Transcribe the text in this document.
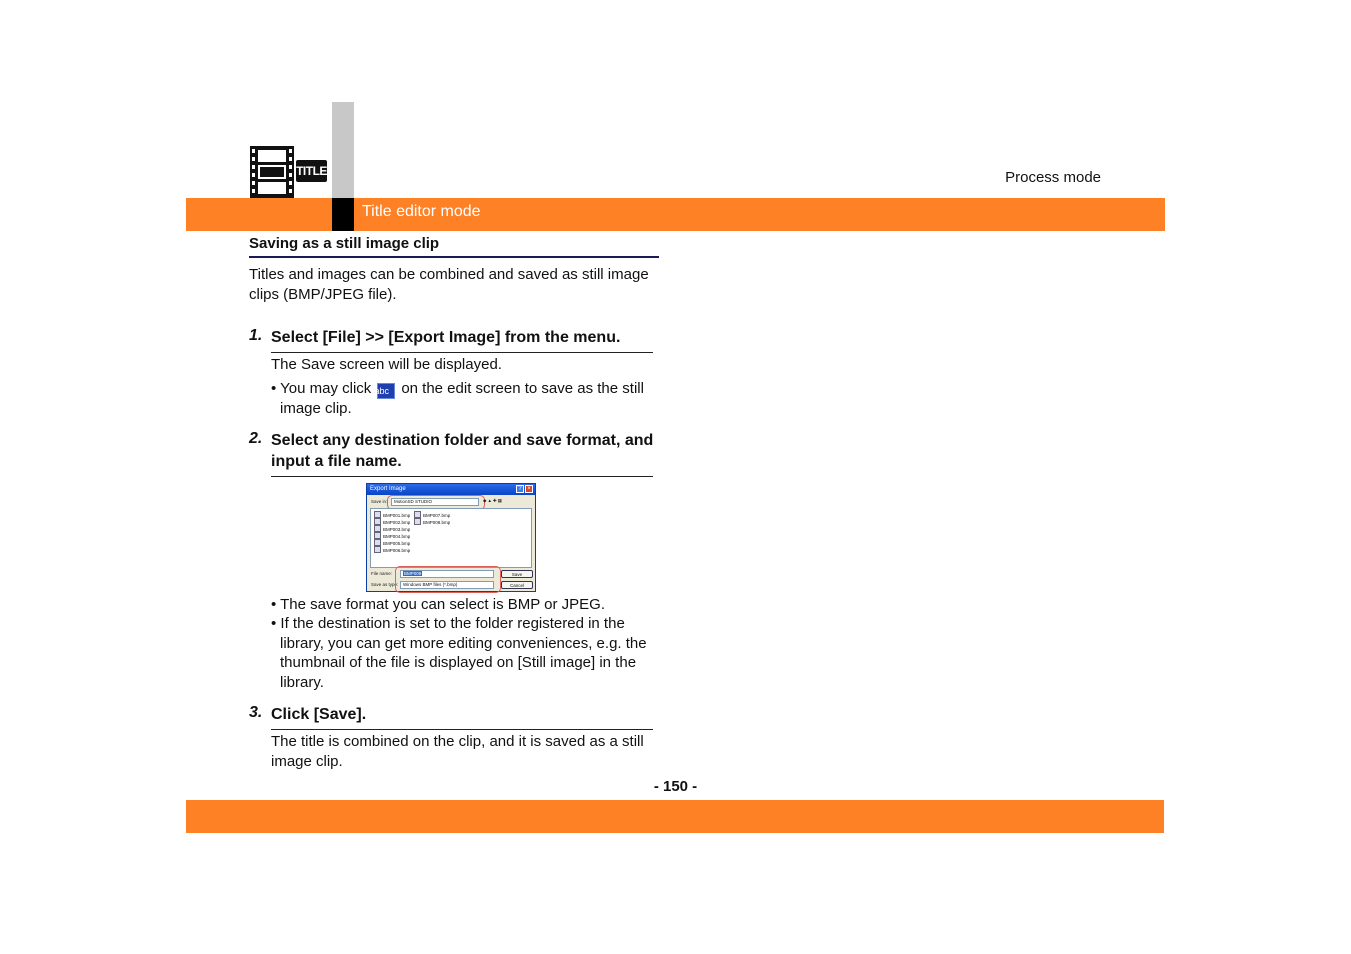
Title editor mode
Process mode
TITLE
Saving as a still image clip
Titles and images can be combined and saved as still image clips (BMP/JPEG file).
1. Select [File] >> [Export Image] from the menu.
The Save screen will be displayed.
• You may click abc on the edit screen to save as the still image clip.
2. Select any destination folder and save format, and input a file name.
Export Image	? ×
Save in:	MotionSD STUDIO	◆▲✚▦
BMP001.bmp
BMP002.bmp
BMP003.bmp
BMP004.bmp
BMP005.bmp
BMP006.bmp
BMP007.bmp
BMP008.bmp
File name:	BMP009
Save as type:	Windows BMP files (*.bmp)
Save
Cancel
• The save format you can select is BMP or JPEG.
• If the destination is set to the folder registered in the library, you can get more editing conveniences, e.g. the thumbnail of the file is displayed on [Still image] in the library.
3. Click [Save].
The title is combined on the clip, and it is saved as a still image clip.
- 150 -
